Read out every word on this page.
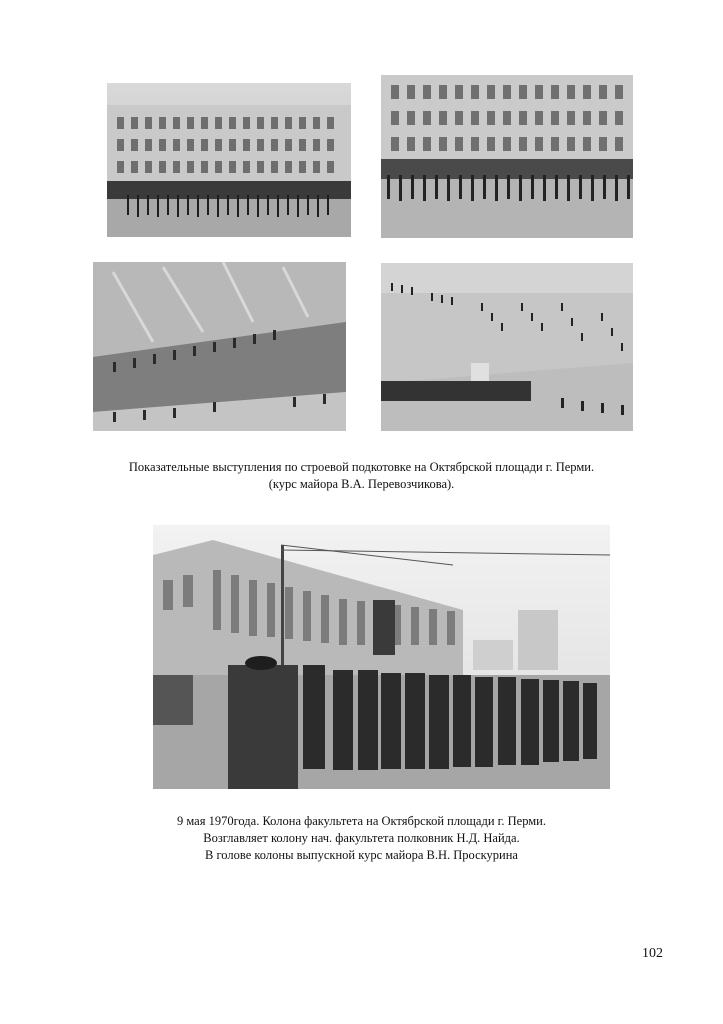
Показательные выступления по строевой подкотовке на Октябрской площади г. Перми.
(курс майора В.А. Перевозчикова).
9 мая 1970года. Колона факультета на Октябрской площади г. Перми.
Возглавляет колону нач. факультета полковник Н.Д. Найда.
В голове колоны выпускной курс майора В.Н. Проскурина
102
